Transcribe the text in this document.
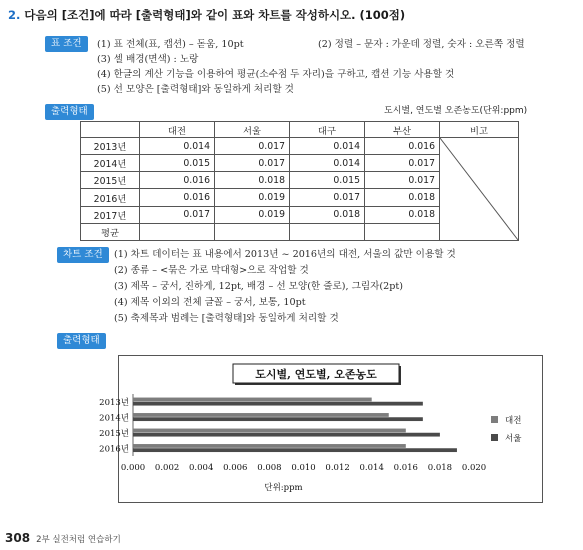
2. 다음의 [조건]에 따라 [출력형태]와 같이 표와 차트를 작성하시오. (100점)
표 조건	(1) 표 전체(표, 캡션) – 돋움, 10pt	(2) 정렬 – 문자 : 가운데 정렬, 숫자 : 오른쪽 정렬
(3) 셀 배경(면색) : 노랑
(4) 한글의 계산 기능을 이용하여 평균(소수점 두 자리)을 구하고, 캡션 기능 사용할 것
(5) 선 모양은 [출력형태]와 동일하게 처리할 것
출력형태	도시별, 연도별 오존농도(단위:ppm)
	대전	서울	대구	부산	비고
2013년	0.014	0.017	0.014	0.016	

2014년	0.015	0.017	0.014	0.017	
2015년	0.016	0.018	0.015	0.017	
2016년	0.016	0.019	0.017	0.018	
2017년	0.017	0.019	0.018	0.018	
평균					
차트 조건	(1) 차트 데이터는 표 내용에서 2013년 ~ 2016년의 대전, 서울의 값만 이용할 것
(2) 종류 – <묶은 가로 막대형>으로 작업할 것
(3) 제목 – 궁서, 진하게, 12pt, 배경 – 선 모양(한 줄로), 그림자(2pt)
(4) 제목 이외의 전체 글꼴 – 궁서, 보통, 10pt
(5) 축제목과 범례는 [출력형태]와 동일하게 처리할 것
출력형태
도시별, 연도별, 오존농도
2013년
2014년
2015년
2016년
0.000 0.002 0.004 0.006 0.008 0.010 0.012 0.014 0.016 0.018 0.020
단위:ppm
대전
서울
308 2부 실전처럼 연습하기
